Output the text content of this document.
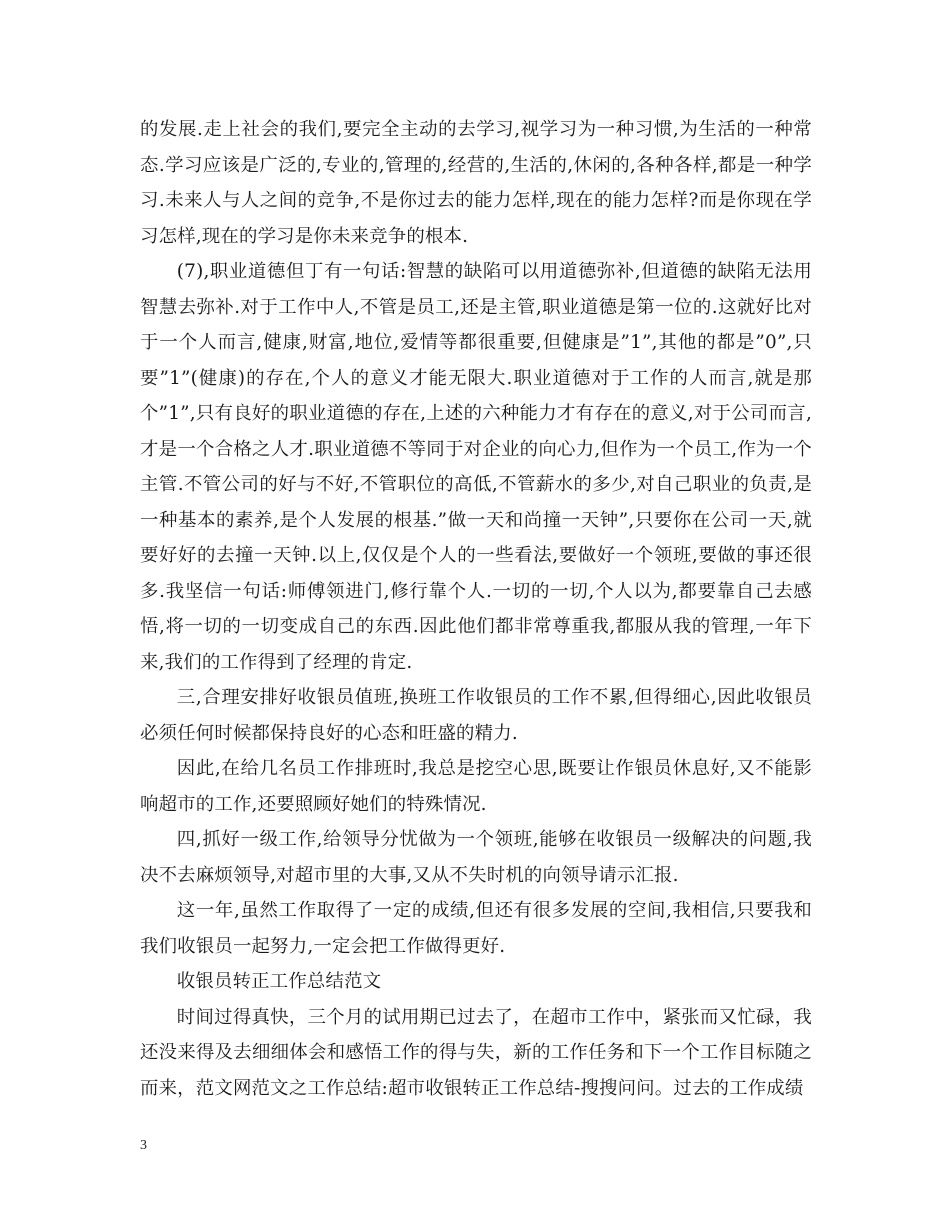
的发展.走上社会的我们,要完全主动的去学习,视学习为一种习惯,为生活的一种常态.学习应该是广泛的,专业的,管理的,经营的,生活的,休闲的,各种各样,都是一种学习.未来人与人之间的竞争,不是你过去的能力怎样,现在的能力怎样?而是你现在学习怎样,现在的学习是你未来竞争的根本.

(7),职业道德但丁有一句话:智慧的缺陷可以用道德弥补,但道德的缺陷无法用智慧去弥补.对于工作中人,不管是员工,还是主管,职业道德是第一位的.这就好比对于一个人而言,健康,财富,地位,爱情等都很重要,但健康是”1”,其他的都是”0”,只要”1”(健康)的存在,个人的意义才能无限大.职业道德对于工作的人而言,就是那个”1”,只有良好的职业道德的存在,上述的六种能力才有存在的意义,对于公司而言,才是一个合格之人才.职业道德不等同于对企业的向心力,但作为一个员工,作为一个主管.不管公司的好与不好,不管职位的高低,不管薪水的多少,对自己职业的负责,是一种基本的素养,是个人发展的根基.”做一天和尚撞一天钟”,只要你在公司一天,就要好好的去撞一天钟.以上,仅仅是个人的一些看法,要做好一个领班,要做的事还很多.我坚信一句话:师傅领进门,修行靠个人.一切的一切,个人以为,都要靠自己去感悟,将一切的一切变成自己的东西.因此他们都非常尊重我,都服从我的管理,一年下来,我们的工作得到了经理的肯定.

三,合理安排好收银员值班,换班工作收银员的工作不累,但得细心,因此收银员必须任何时候都保持良好的心态和旺盛的精力.

因此,在给几名员工作排班时,我总是挖空心思,既要让作银员休息好,又不能影响超市的工作,还要照顾好她们的特殊情况.

四,抓好一级工作,给领导分忧做为一个领班,能够在收银员一级解决的问题,我决不去麻烦领导,对超市里的大事,又从不失时机的向领导请示汇报.

这一年,虽然工作取得了一定的成绩,但还有很多发展的空间,我相信,只要我和我们收银员一起努力,一定会把工作做得更好.

收银员转正工作总结范文

时间过得真快，三个月的试用期已过去了，在超市工作中，紧张而又忙碌，我还没来得及去细细体会和感悟工作的得与失，新的工作任务和下一个工作目标随之而来，范文网范文之工作总结:超市收银转正工作总结-搜搜问问。过去的工作成绩

3
